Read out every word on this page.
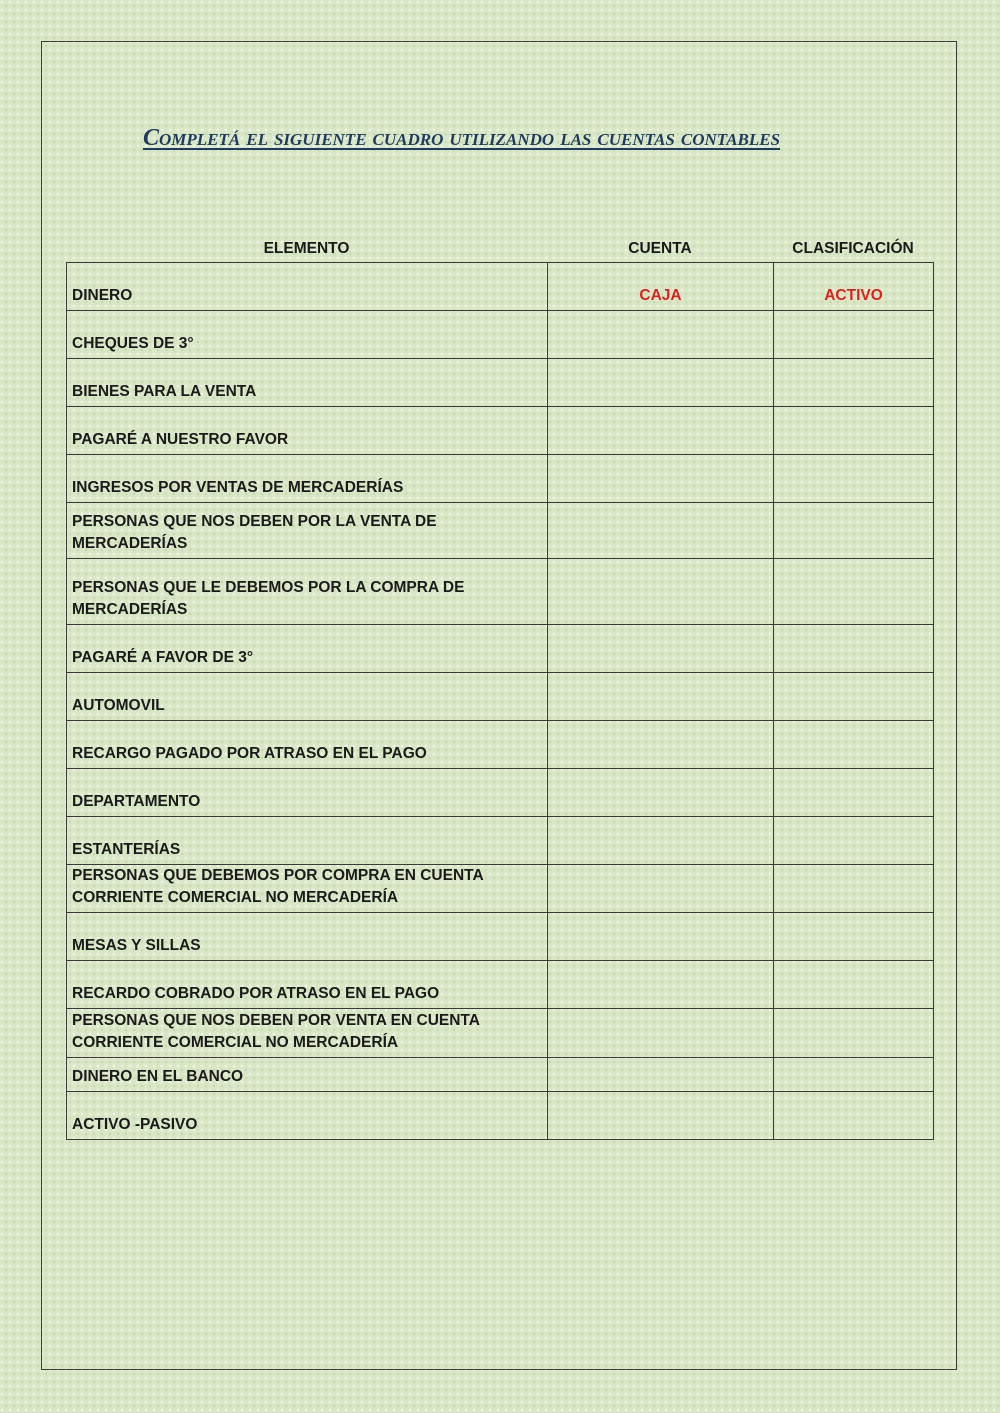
Completá el siguiente cuadro utilizando las cuentas contables
ELEMENTO	CUENTA	CLASIFICACIÓN
DINERO	CAJA	ACTIVO
CHEQUES DE 3°		
BIENES PARA LA VENTA		
PAGARÉ A NUESTRO FAVOR		
INGRESOS POR VENTAS DE MERCADERÍAS		
PERSONAS QUE NOS DEBEN POR LA VENTA DE MERCADERÍAS		
PERSONAS QUE LE DEBEMOS POR LA COMPRA DE MERCADERÍAS		
PAGARÉ A FAVOR DE 3°		
AUTOMOVIL		
RECARGO PAGADO POR ATRASO EN EL PAGO		
DEPARTAMENTO		
ESTANTERÍAS		
PERSONAS QUE DEBEMOS POR COMPRA EN CUENTA CORRIENTE COMERCIAL NO MERCADERÍA		
MESAS Y SILLAS		
RECARDO COBRADO POR ATRASO EN EL PAGO		
PERSONAS QUE NOS DEBEN POR VENTA EN CUENTA CORRIENTE COMERCIAL NO MERCADERÍA		
DINERO EN EL BANCO		
ACTIVO -PASIVO		
